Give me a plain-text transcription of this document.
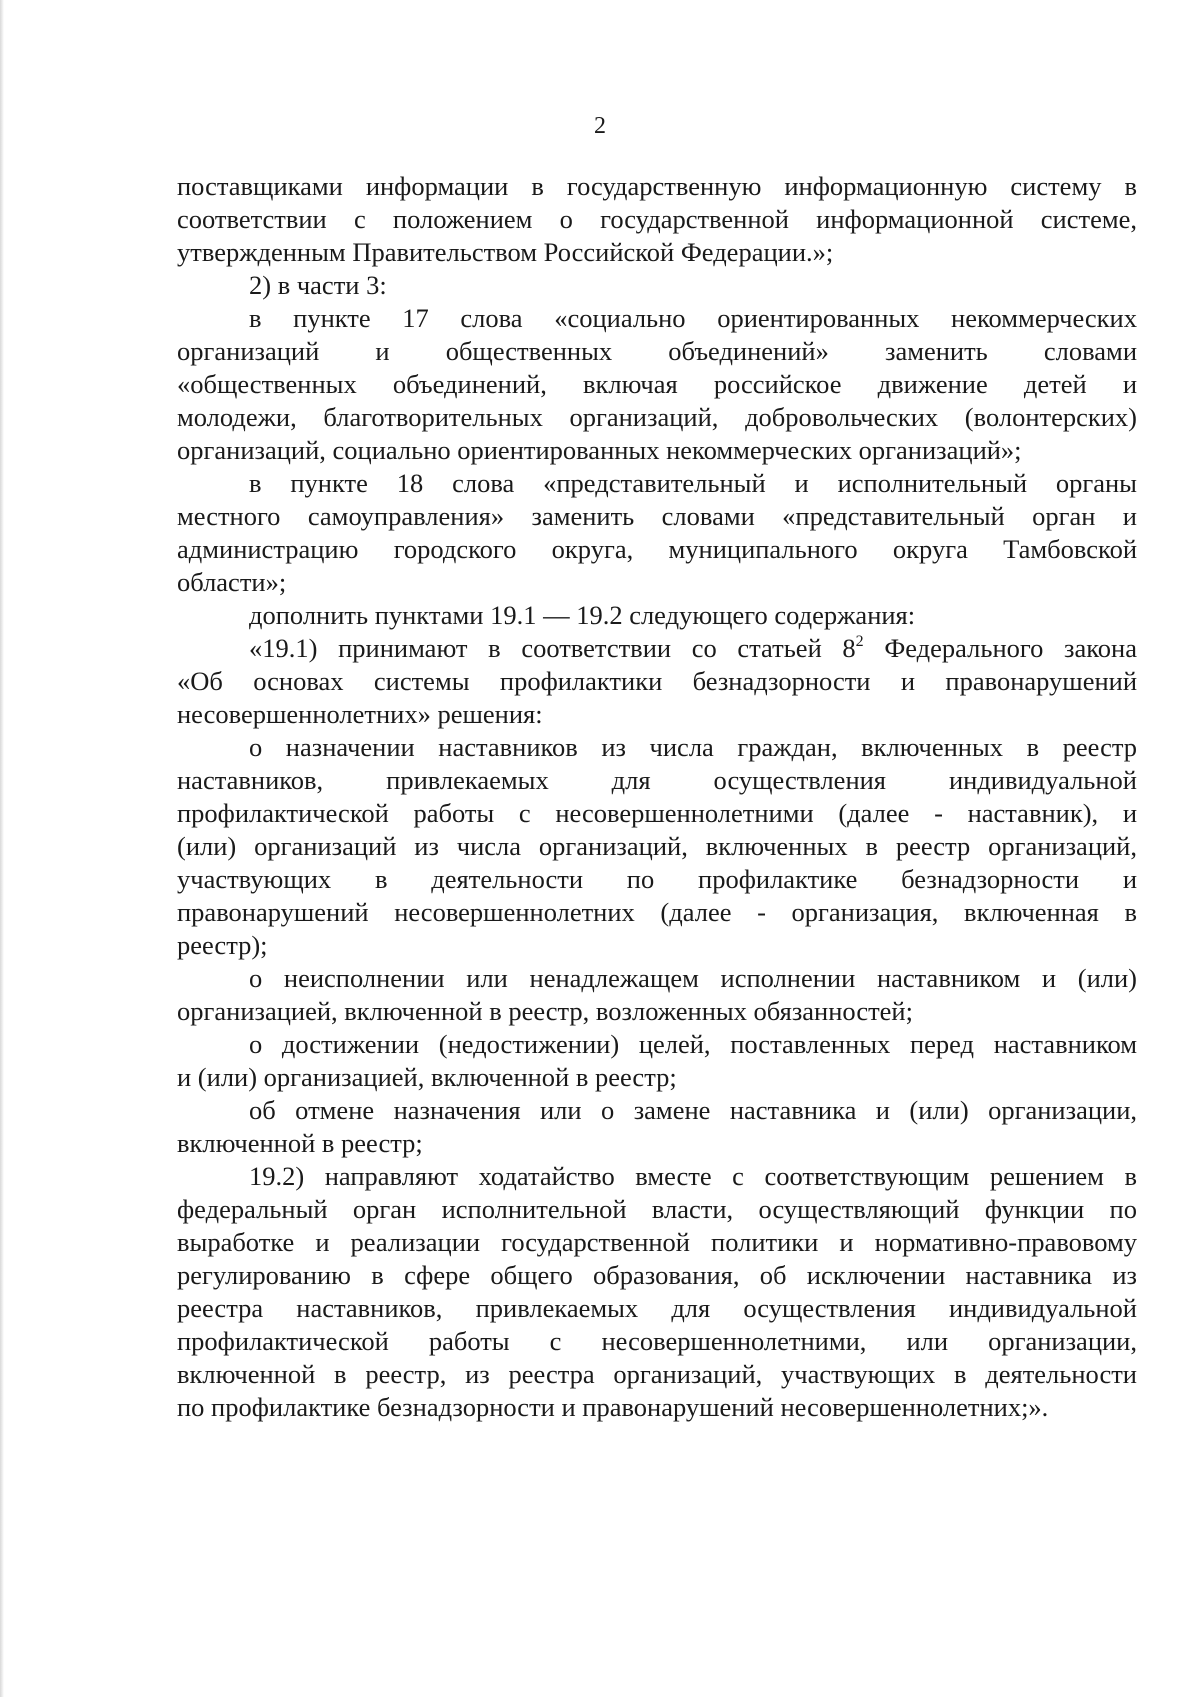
2
поставщиками информации в государственную информационную систему в
соответствии с положением о государственной информационной системе,
утвержденным Правительством Российской Федерации.»;
2) в части 3:
в пункте 17 слова «социально ориентированных некоммерческих
организаций и общественных объединений» заменить словами
«общественных объединений, включая российское движение детей и
молодежи, благотворительных организаций, добровольческих (волонтерских)
организаций, социально ориентированных некоммерческих организаций»;
в пункте 18 слова «представительный и исполнительный органы
местного самоуправления» заменить словами «представительный орган и
администрацию городского округа, муниципального округа Тамбовской
области»;
дополнить пунктами 19.1 — 19.2 следующего содержания:
«19.1) принимают в соответствии со статьей $8^2$ Федерального закона
«Об основах системы профилактики безнадзорности и правонарушений
несовершеннолетних» решения:
о назначении наставников из числа граждан, включенных в реестр
наставников, привлекаемых для осуществления индивидуальной
профилактической работы с несовершеннолетними (далее - наставник), и
(или) организаций из числа организаций, включенных в реестр организаций,
участвующих в деятельности по профилактике безнадзорности и
правонарушений несовершеннолетних (далее - организация, включенная в
реестр);
о неисполнении или ненадлежащем исполнении наставником и (или)
организацией, включенной в реестр, возложенных обязанностей;
о достижении (недостижении) целей, поставленных перед наставником
и (или) организацией, включенной в реестр;
об отмене назначения или о замене наставника и (или) организации,
включенной в реестр;
19.2) направляют ходатайство вместе с соответствующим решением в
федеральный орган исполнительной власти, осуществляющий функции по
выработке и реализации государственной политики и нормативно-правовому
регулированию в сфере общего образования, об исключении наставника из
реестра наставников, привлекаемых для осуществления индивидуальной
профилактической работы с несовершеннолетними, или организации,
включенной в реестр, из реестра организаций, участвующих в деятельности
по профилактике безнадзорности и правонарушений несовершеннолетних;».
